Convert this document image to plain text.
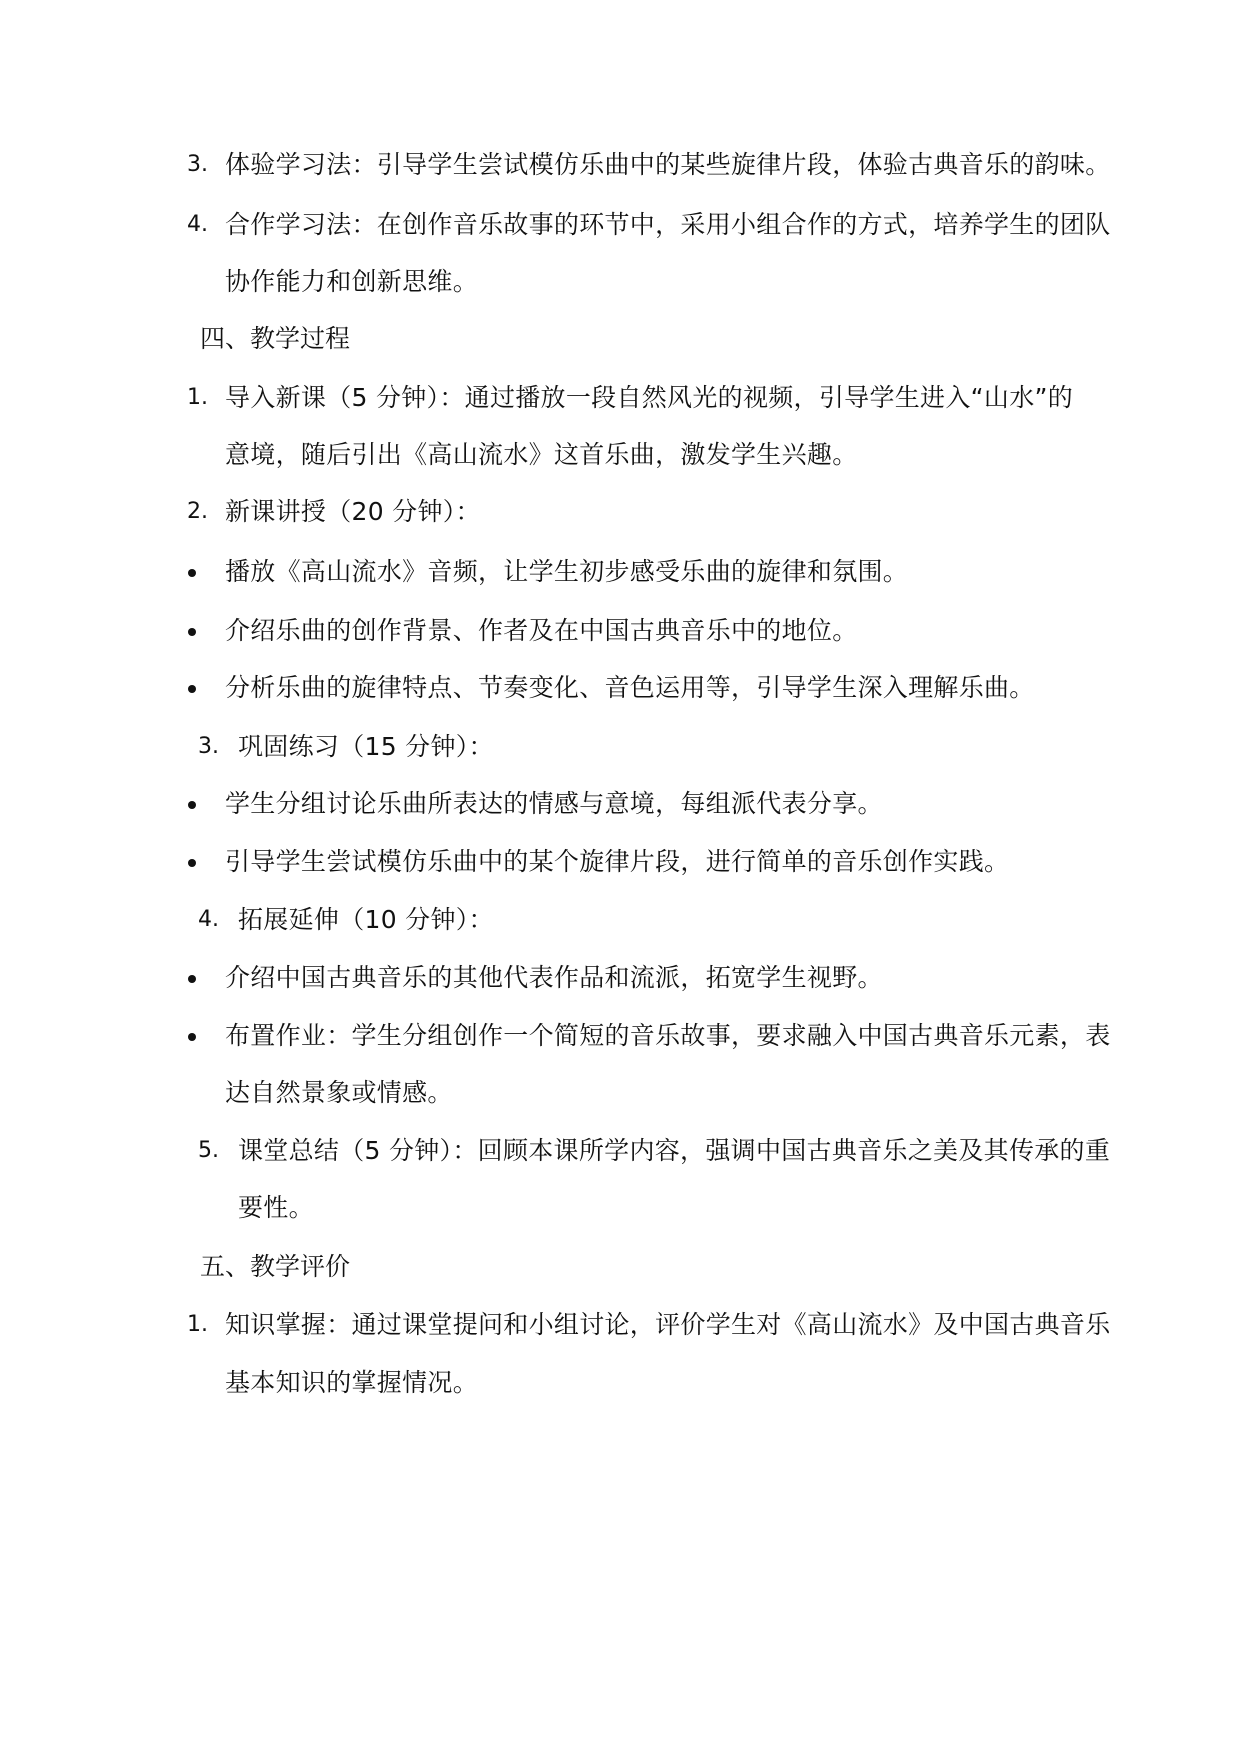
3. 体验学习法：引导学生尝试模仿乐曲中的某些旋律片段，体验古典音乐的韵味。
4. 合作学习法：在创作音乐故事的环节中，采用小组合作的方式，培养学生的团队
协作能力和创新思维。
四、教学过程
1. 导入新课（5 分钟）：通过播放一段自然风光的视频，引导学生进入“山水”的
意境，随后引出《高山流水》这首乐曲，激发学生兴趣。
2. 新课讲授（20 分钟）：
播放《高山流水》音频，让学生初步感受乐曲的旋律和氛围。
介绍乐曲的创作背景、作者及在中国古典音乐中的地位。
分析乐曲的旋律特点、节奏变化、音色运用等，引导学生深入理解乐曲。
3. 巩固练习（15 分钟）：
学生分组讨论乐曲所表达的情感与意境，每组派代表分享。
引导学生尝试模仿乐曲中的某个旋律片段，进行简单的音乐创作实践。
4. 拓展延伸（10 分钟）：
介绍中国古典音乐的其他代表作品和流派，拓宽学生视野。
布置作业：学生分组创作一个简短的音乐故事，要求融入中国古典音乐元素，表
达自然景象或情感。
5. 课堂总结（5 分钟）：回顾本课所学内容，强调中国古典音乐之美及其传承的重
要性。
五、教学评价
1. 知识掌握：通过课堂提问和小组讨论，评价学生对《高山流水》及中国古典音乐
基本知识的掌握情况。
